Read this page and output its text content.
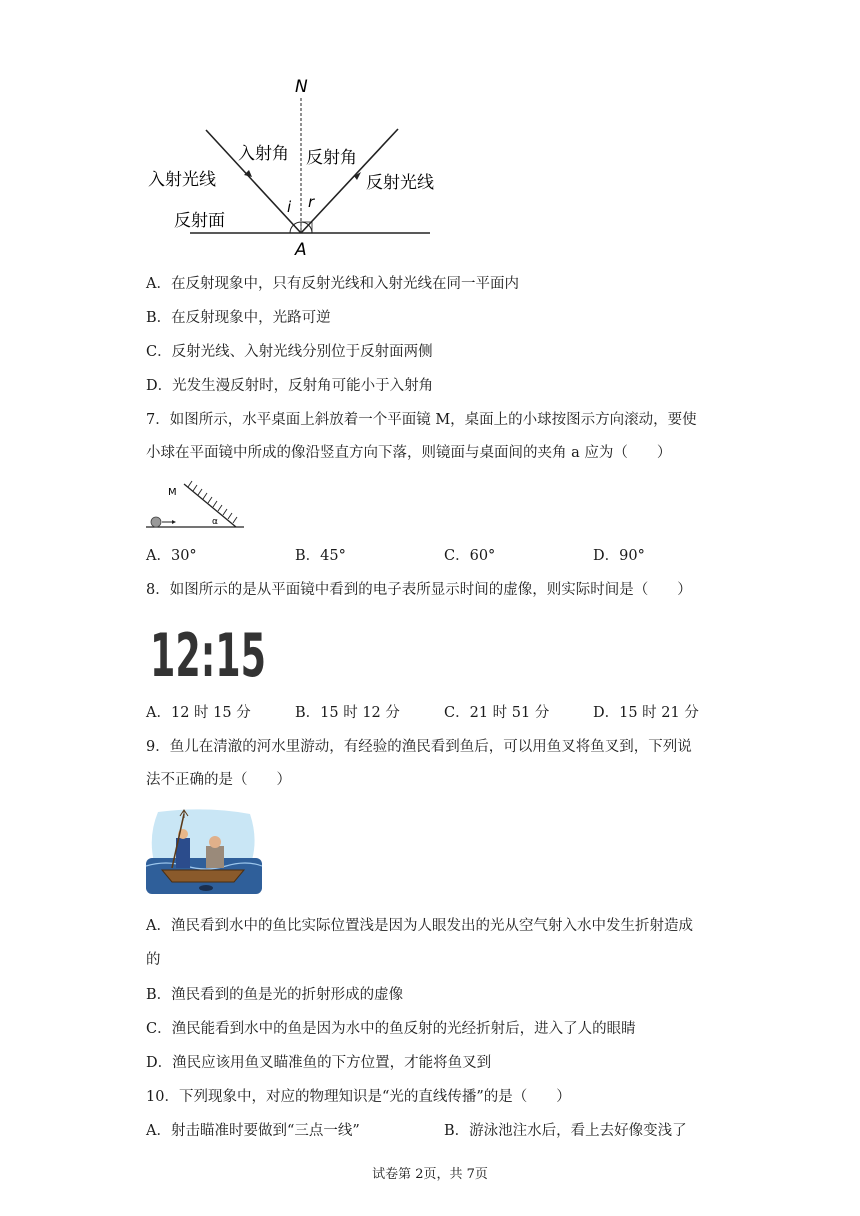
N
A
i r
入射角 反射角
入射光线	反射光线
反射面
A．在反射现象中，只有反射光线和入射光线在同一平面内
B．在反射现象中，光路可逆
C．反射光线、入射光线分别位于反射面两侧
D．光发生漫反射时，反射角可能小于入射角
7．如图所示，水平桌面上斜放着一个平面镜 M，桌面上的小球按图示方向滚动，要使
小球在平面镜中所成的像沿竖直方向下落，则镜面与桌面间的夹角 a 应为（　　）
M
α
A．30°	B．45°	C．60°	D．90°
8．如图所示的是从平面镜中看到的电子表所显示时间的虚像，则实际时间是（　　）
12:15
A．12 时 15 分	B．15 时 12 分	C．21 时 51 分	D．15 时 21 分
9．鱼儿在清澈的河水里游动，有经验的渔民看到鱼后，可以用鱼叉将鱼叉到，下列说
法不正确的是（　　）
A．渔民看到水中的鱼比实际位置浅是因为人眼发出的光从空气射入水中发生折射造成
的
B．渔民看到的鱼是光的折射形成的虚像
C．渔民能看到水中的鱼是因为水中的鱼反射的光经折射后，进入了人的眼睛
D．渔民应该用鱼叉瞄准鱼的下方位置，才能将鱼叉到
10．下列现象中，对应的物理知识是“光的直线传播”的是（　　）
A．射击瞄准时要做到“三点一线”	B．游泳池注水后，看上去好像变浅了
试卷第 2页，共 7页
